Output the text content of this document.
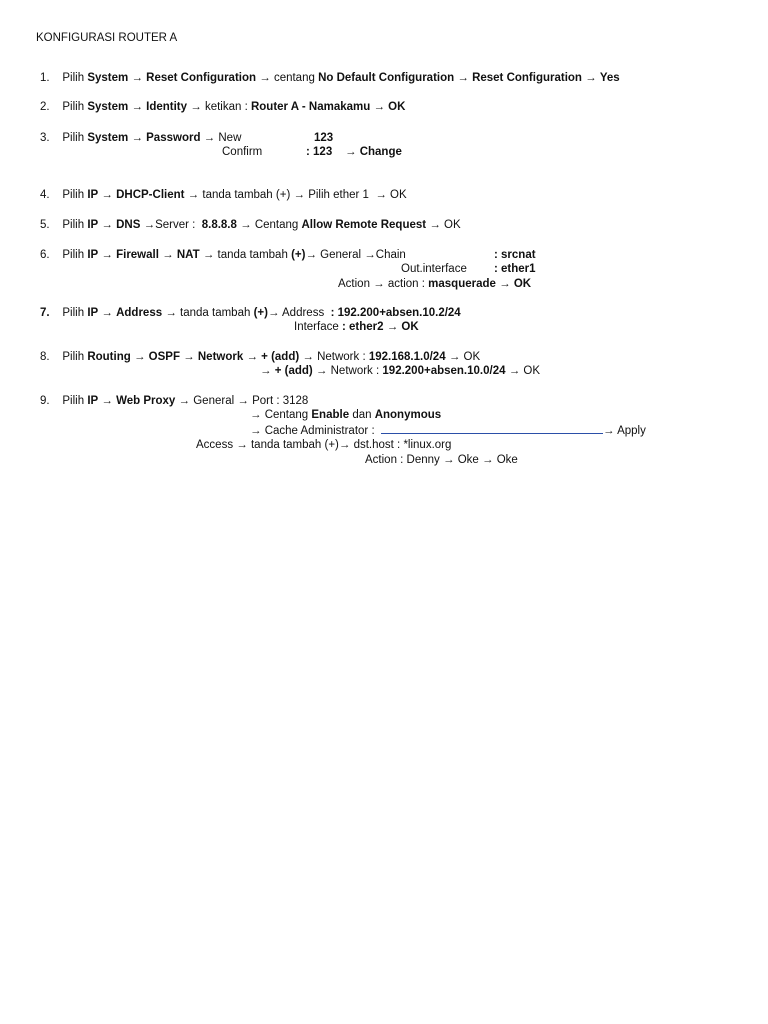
KONFIGURASI ROUTER A
1. Pilih System → Reset Configuration → centang No Default Configuration → Reset Configuration → Yes
2. Pilih System → Identity → ketikan : Router A - Namakamu → OK
3. Pilih System → Password → New	123
Confirm	: 123 → Change
4. Pilih IP → DHCP-Client → tanda tambah (+) → Pilih ether 1 → OK
5. Pilih IP → DNS →Server : 8.8.8.8 → Centang Allow Remote Request → OK
6. Pilih IP → Firewall → NAT → tanda tambah (+)→ General →Chain	: srcnat
Out.interface : ether1
Action → action : masquerade → OK
7. Pilih IP → Address → tanda tambah (+)→ Address : 192.200+absen.10.2/24
Interface : ether2 → OK
8. Pilih Routing → OSPF → Network → + (add) → Network : 192.168.1.0/24 → OK
→ + (add) → Network : 192.200+absen.10.0/24 → OK
9. Pilih IP → Web Proxy → General → Port : 3128
→ Centang Enable dan Anonymous
→ Cache Administrator :	→ Apply
Access → tanda tambah (+)→ dst.host : *linux.org
Action : Denny → Oke → Oke
